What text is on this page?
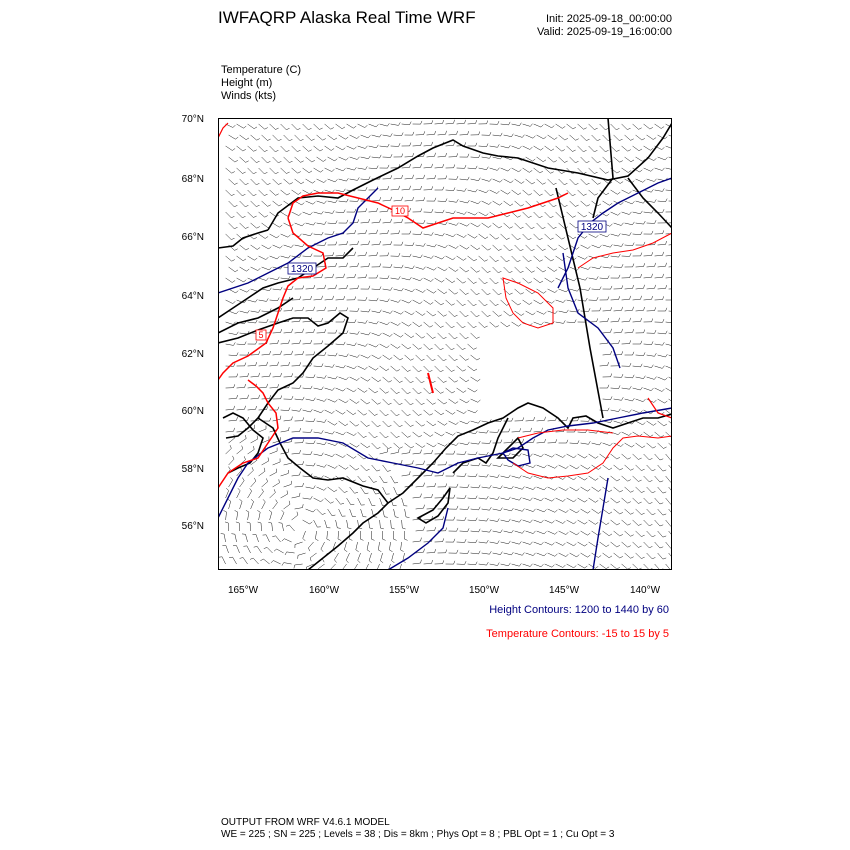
IWFAQRP Alaska Real Time WRF	Init: 2025-09-18_00:00:00
Valid: 2025-09-19_16:00:00
Temperature (C)
Height (m)
Winds (kts)
70°N
68°N
66°N
64°N
62°N
60°N
58°N
56°N
165°W	160°W	155°W	150°W	145°W	140°W
1320
1320
10
5
Height Contours: 1200 to 1440 by 60
Temperature Contours: -15 to 15 by 5
OUTPUT FROM WRF V4.6.1 MODEL
WE = 225 ; SN = 225 ; Levels = 38 ; Dis = 8km ; Phys Opt = 8 ; PBL Opt = 1 ; Cu Opt = 3
